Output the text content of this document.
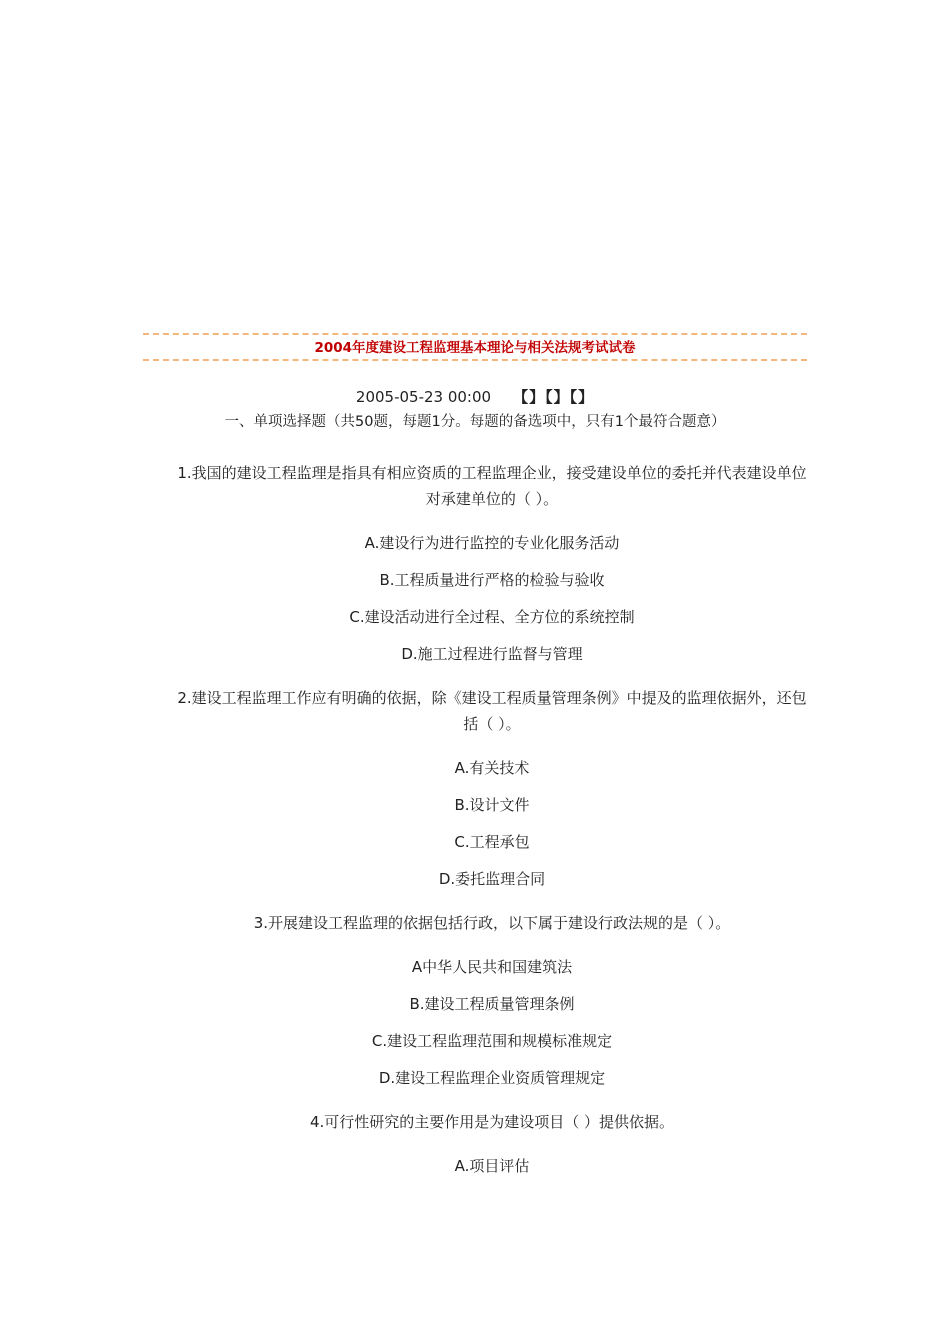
2004年度建设工程监理基本理论与相关法规考试试卷
2005-05-23 00:00 【】【】【】
一、单项选择题（共50题，每题1分。每题的备选项中，只有1个最符合题意）
1.我国的建设工程监理是指具有相应资质的工程监理企业，接受建设单位的委托并代表建设单位对承建单位的（ ）。
A.建设行为进行监控的专业化服务活动
B.工程质量进行严格的检验与验收
C.建设活动进行全过程、全方位的系统控制
D.施工过程进行监督与管理
2.建设工程监理工作应有明确的依据，除《建设工程质量管理条例》中提及的监理依据外，还包括（ ）。
A.有关技术
B.设计文件
C.工程承包
D.委托监理合同
3.开展建设工程监理的依据包括行政，以下属于建设行政法规的是（ ）。
A中华人民共和国建筑法
B.建设工程质量管理条例
C.建设工程监理范围和规模标准规定
D.建设工程监理企业资质管理规定
4.可行性研究的主要作用是为建设项目（ ）提供依据。
A.项目评估
